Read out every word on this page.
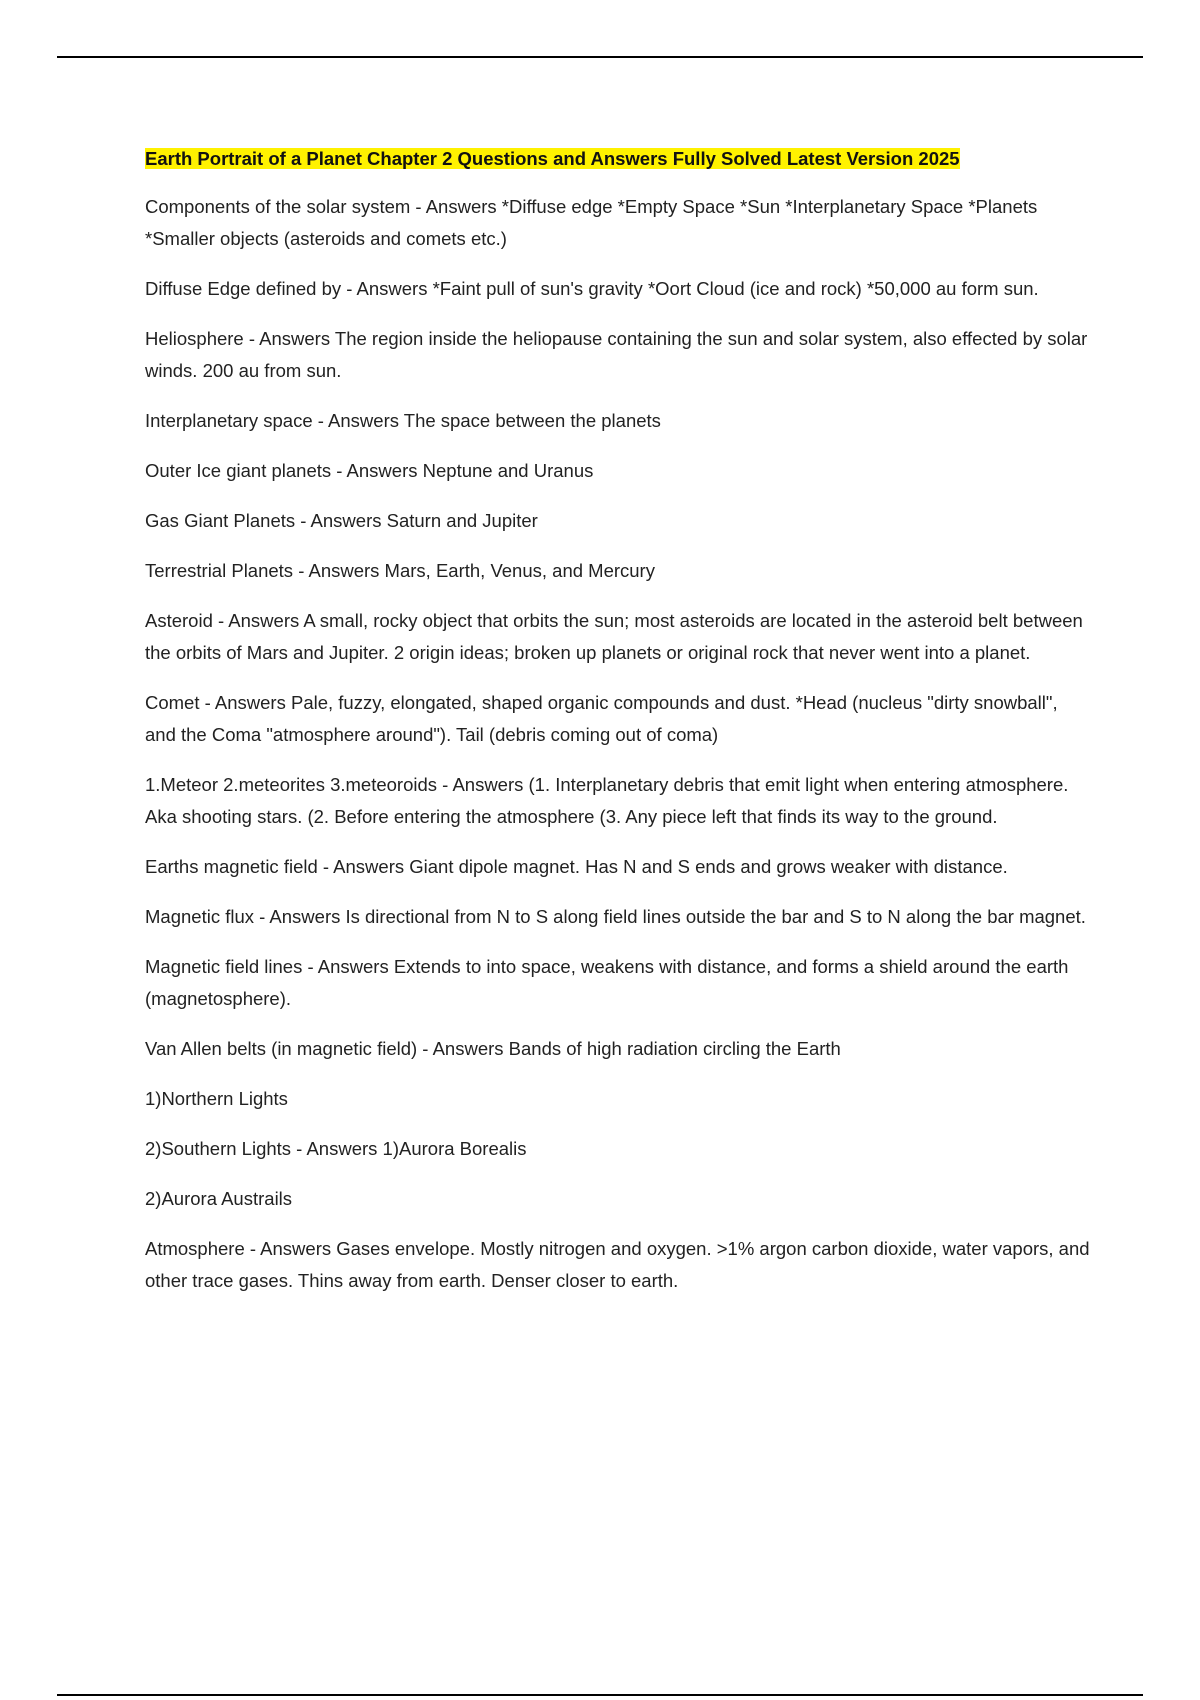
Earth Portrait of a Planet Chapter 2 Questions and Answers Fully Solved Latest Version 2025

Components of the solar system - Answers *Diffuse edge *Empty Space *Sun *Interplanetary Space *Planets *Smaller objects (asteroids and comets etc.)

Diffuse Edge defined by - Answers *Faint pull of sun's gravity *Oort Cloud (ice and rock) *50,000 au form sun.

Heliosphere - Answers The region inside the heliopause containing the sun and solar system, also effected by solar winds. 200 au from sun.

Interplanetary space - Answers The space between the planets

Outer Ice giant planets - Answers Neptune and Uranus

Gas Giant Planets - Answers Saturn and Jupiter

Terrestrial Planets - Answers Mars, Earth, Venus, and Mercury

Asteroid - Answers A small, rocky object that orbits the sun; most asteroids are located in the asteroid belt between the orbits of Mars and Jupiter. 2 origin ideas; broken up planets or original rock that never went into a planet.

Comet - Answers Pale, fuzzy, elongated, shaped organic compounds and dust. *Head (nucleus "dirty snowball", and the Coma "atmosphere around"). Tail (debris coming out of coma)

1.Meteor 2.meteorites 3.meteoroids - Answers (1. Interplanetary debris that emit light when entering atmosphere. Aka shooting stars. (2. Before entering the atmosphere (3. Any piece left that finds its way to the ground.

Earths magnetic field - Answers Giant dipole magnet. Has N and S ends and grows weaker with distance.

Magnetic flux - Answers Is directional from N to S along field lines outside the bar and S to N along the bar magnet.

Magnetic field lines - Answers Extends to into space, weakens with distance, and forms a shield around the earth (magnetosphere).

Van Allen belts (in magnetic field) - Answers Bands of high radiation circling the Earth

1)Northern Lights

2)Southern Lights - Answers 1)Aurora Borealis

2)Aurora Austrails

Atmosphere - Answers Gases envelope. Mostly nitrogen and oxygen. >1% argon carbon dioxide, water vapors, and other trace gases. Thins away from earth. Denser closer to earth.
